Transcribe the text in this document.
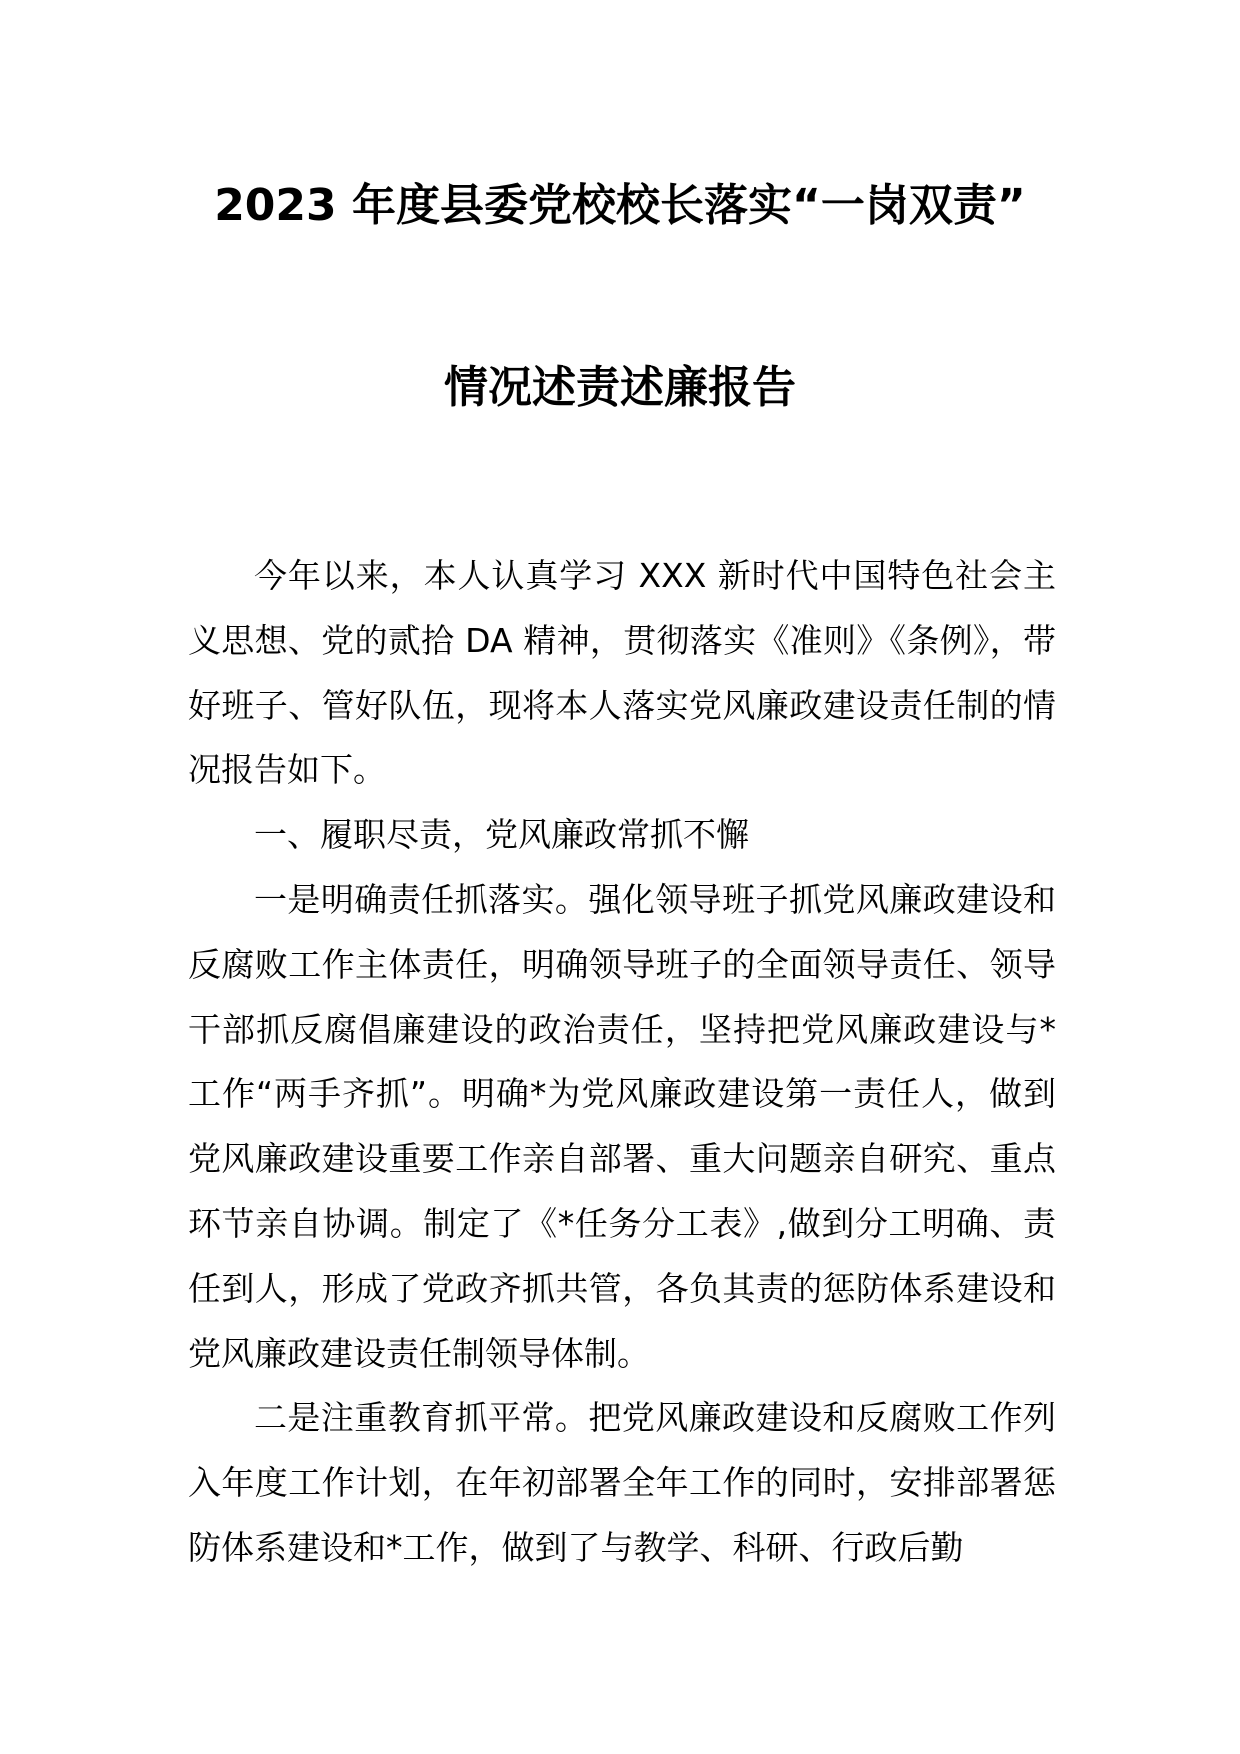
2023 年度县委党校校长落实“一岗双责”
情况述责述廉报告

今年以来，本人认真学习 XXX 新时代中国特色社会主义思想、党的贰拾 DA 精神，贯彻落实《准则》《条例》，带好班子、管好队伍，现将本人落实党风廉政建设责任制的情况报告如下。

一、履职尽责，党风廉政常抓不懈

一是明确责任抓落实。强化领导班子抓党风廉政建设和反腐败工作主体责任，明确领导班子的全面领导责任、领导干部抓反腐倡廉建设的政治责任，坚持把党风廉政建设与*工作“两手齐抓”。明确*为党风廉政建设第一责任人，做到党风廉政建设重要工作亲自部署、重大问题亲自研究、重点环节亲自协调。制定了《*任务分工表》,做到分工明确、责任到人，形成了党政齐抓共管，各负其责的惩防体系建设和党风廉政建设责任制领导体制。

二是注重教育抓平常。把党风廉政建设和反腐败工作列入年度工作计划，在年初部署全年工作的同时，安排部署惩防体系建设和*工作，做到了与教学、科研、行政后勤
